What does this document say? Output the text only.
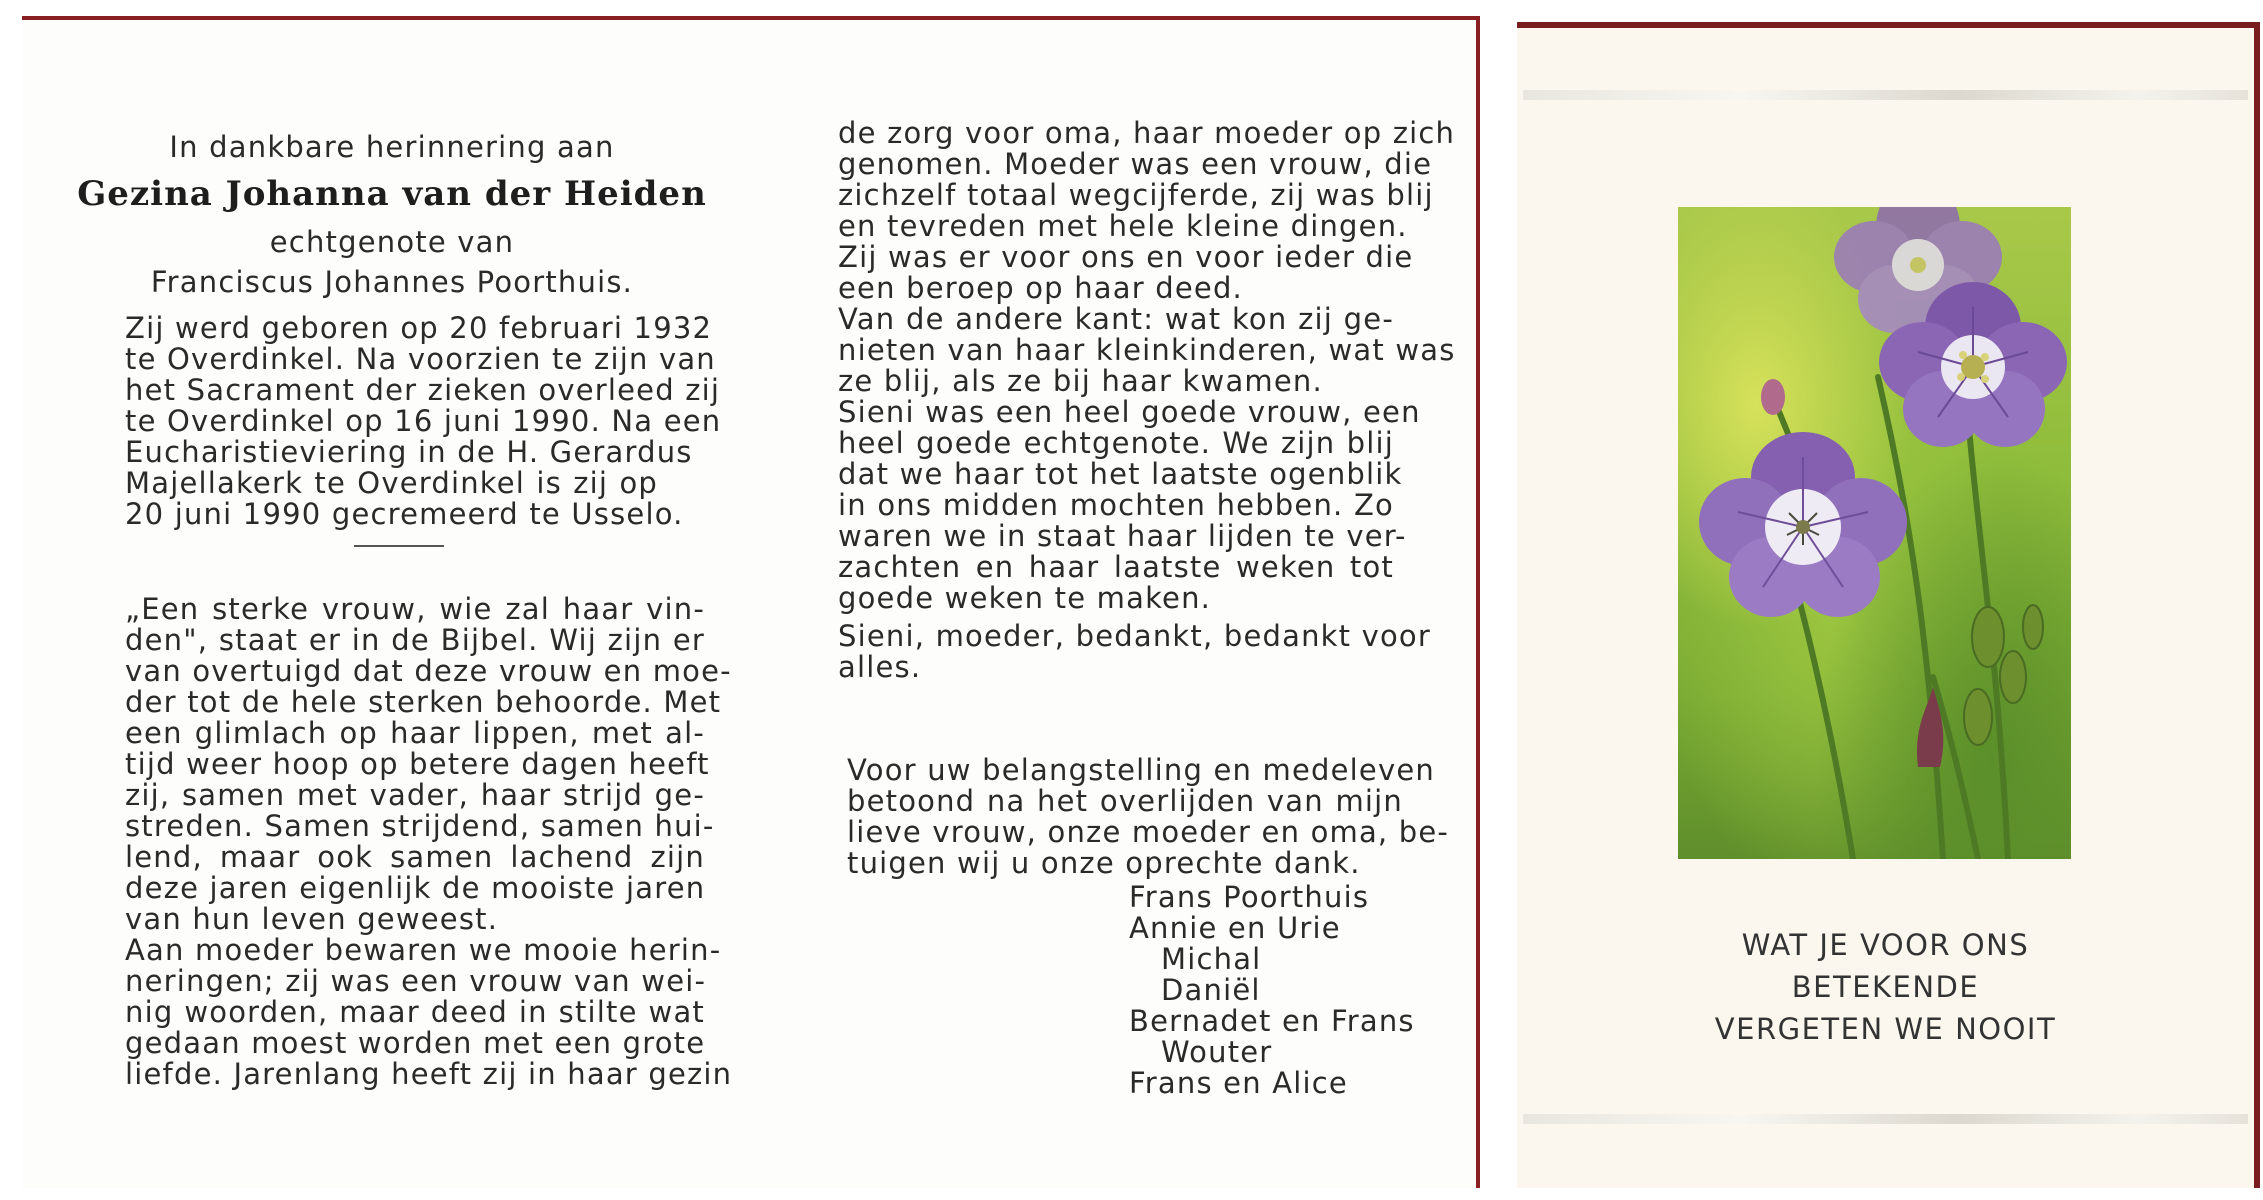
In dankbare herinnering aan
Gezina Johanna van der Heiden
echtgenote van
Franciscus Johannes Poorthuis.
Zij werd geboren op 20 februari 1932
te Overdinkel. Na voorzien te zijn van
het Sacrament der zieken overleed zij
te Overdinkel op 16 juni 1990. Na een
Eucharistieviering in de H. Gerardus
Majellakerk te Overdinkel is zij op
20 juni 1990 gecremeerd te Usselo.
„Een sterke vrouw, wie zal haar vin-
den", staat er in de Bijbel. Wij zijn er
van overtuigd dat deze vrouw en moe-
der tot de hele sterken behoorde. Met
een glimlach op haar lippen, met al-
tijd weer hoop op betere dagen heeft
zij, samen met vader, haar strijd ge-
streden. Samen strijdend, samen hui-
lend, maar ook samen lachend zijn
deze jaren eigenlijk de mooiste jaren
van hun leven geweest.
Aan moeder bewaren we mooie herin-
neringen; zij was een vrouw van wei-
nig woorden, maar deed in stilte wat
gedaan moest worden met een grote
liefde. Jarenlang heeft zij in haar gezin
de zorg voor oma, haar moeder op zich
genomen. Moeder was een vrouw, die
zichzelf totaal wegcijferde, zij was blij
en tevreden met hele kleine dingen.
Zij was er voor ons en voor ieder die
een beroep op haar deed.
Van de andere kant: wat kon zij ge-
nieten van haar kleinkinderen, wat was
ze blij, als ze bij haar kwamen.
Sieni was een heel goede vrouw, een
heel goede echtgenote. We zijn blij
dat we haar tot het laatste ogenblik
in ons midden mochten hebben. Zo
waren we in staat haar lijden te ver-
zachten en haar laatste weken tot
goede weken te maken.
Sieni, moeder, bedankt, bedankt voor
alles.
Voor uw belangstelling en medeleven
betoond na het overlijden van mijn
lieve vrouw, onze moeder en oma, be-
tuigen wij u onze oprechte dank.
Frans Poorthuis
Annie en Urie
Michal
Daniël
Bernadet en Frans
Wouter
Frans en Alice
WAT JE VOOR ONS
BETEKENDE
VERGETEN WE NOOIT
